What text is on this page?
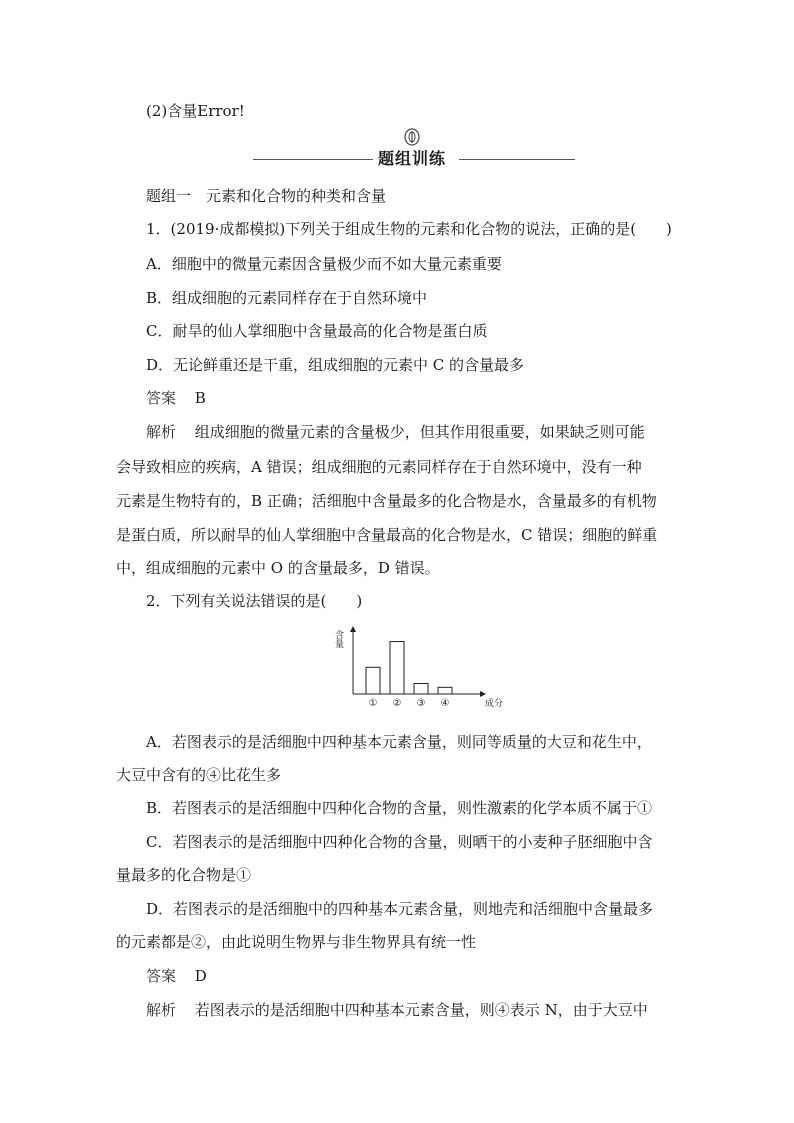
(2)含量Error!
题组训练
题组一　元素和化合物的种类和含量
1．(2019·成都模拟)下列关于组成生物的元素和化合物的说法，正确的是(　　)
A．细胞中的微量元素因含量极少而不如大量元素重要
B．组成细胞的元素同样存在于自然环境中
C．耐旱的仙人掌细胞中含量最高的化合物是蛋白质
D．无论鲜重还是干重，组成细胞的元素中 C 的含量最多
答案 B
解析 组成细胞的微量元素的含量极少，但其作用很重要，如果缺乏则可能
会导致相应的疾病，A 错误；组成细胞的元素同样存在于自然环境中，没有一种
元素是生物特有的，B 正确；活细胞中含量最多的化合物是水，含量最多的有机物
是蛋白质，所以耐旱的仙人掌细胞中含量最高的化合物是水，C 错误；细胞的鲜重
中，组成细胞的元素中 O 的含量最多，D 错误。
2．下列有关说法错误的是(　　)
含量
成分
① ② ③ ④
A．若图表示的是活细胞中四种基本元素含量，则同等质量的大豆和花生中，
大豆中含有的④比花生多
B．若图表示的是活细胞中四种化合物的含量，则性激素的化学本质不属于①
C．若图表示的是活细胞中四种化合物的含量，则晒干的小麦种子胚细胞中含
量最多的化合物是①
D．若图表示的是活细胞中的四种基本元素含量，则地壳和活细胞中含量最多
的元素都是②，由此说明生物界与非生物界具有统一性
答案 D
解析 若图表示的是活细胞中四种基本元素含量，则④表示 N，由于大豆中
